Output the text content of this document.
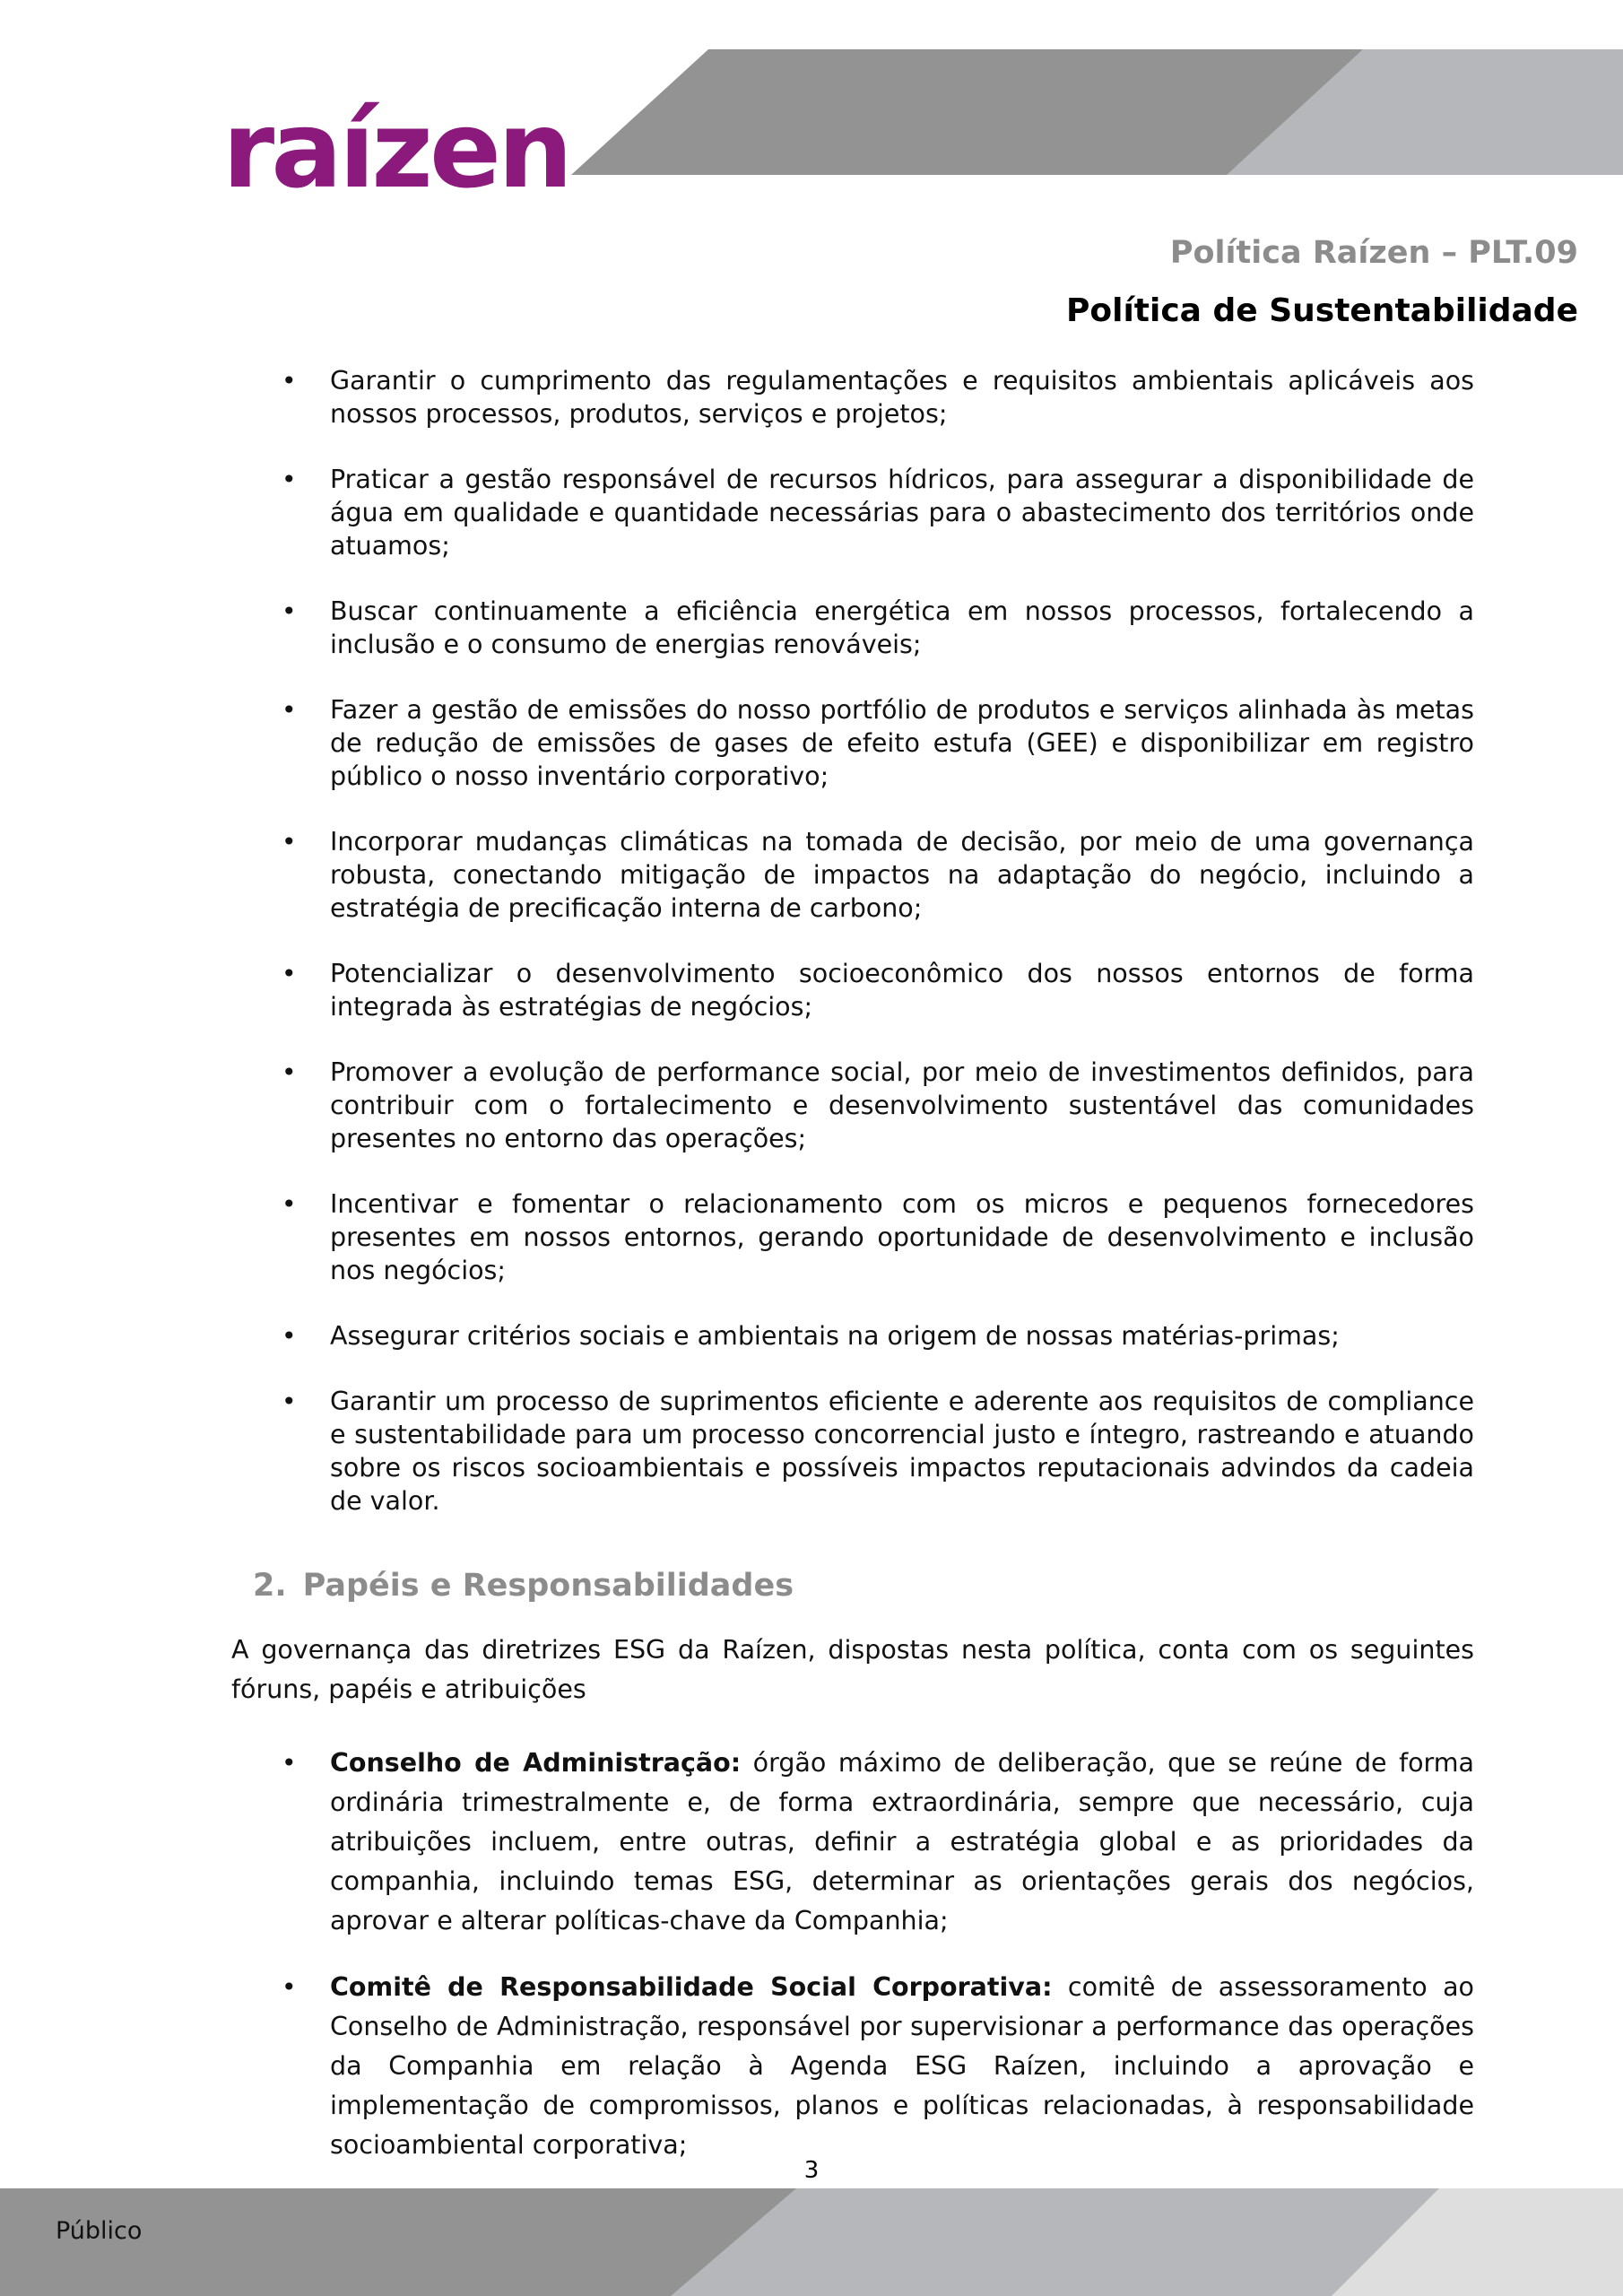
raízen
Política Raízen – PLT.09
Política de Sustentabilidade
• Garantir o cumprimento das regulamentações e requisitos ambientais aplicáveis aos nossos processos, produtos, serviços e projetos;
• Praticar a gestão responsável de recursos hídricos, para assegurar a disponibilidade de água em qualidade e quantidade necessárias para o abastecimento dos territórios onde atuamos;
• Buscar continuamente a eficiência energética em nossos processos, fortalecendo a inclusão e o consumo de energias renováveis;
• Fazer a gestão de emissões do nosso portfólio de produtos e serviços alinhada às metas de redução de emissões de gases de efeito estufa (GEE) e disponibilizar em registro público o nosso inventário corporativo;
• Incorporar mudanças climáticas na tomada de decisão, por meio de uma governança robusta, conectando mitigação de impactos na adaptação do negócio, incluindo a estratégia de precificação interna de carbono;
• Potencializar o desenvolvimento socioeconômico dos nossos entornos de forma integrada às estratégias de negócios;
• Promover a evolução de performance social, por meio de investimentos definidos, para contribuir com o fortalecimento e desenvolvimento sustentável das comunidades presentes no entorno das operações;
• Incentivar e fomentar o relacionamento com os micros e pequenos fornecedores presentes em nossos entornos, gerando oportunidade de desenvolvimento e inclusão nos negócios;
• Assegurar critérios sociais e ambientais na origem de nossas matérias-primas;
• Garantir um processo de suprimentos eficiente e aderente aos requisitos de compliance e sustentabilidade para um processo concorrencial justo e íntegro, rastreando e atuando sobre os riscos socioambientais e possíveis impactos reputacionais advindos da cadeia de valor.
2. Papéis e Responsabilidades

A governança das diretrizes ESG da Raízen, dispostas nesta política, conta com os seguintes fóruns, papéis e atribuições

• Conselho de Administração: órgão máximo de deliberação, que se reúne de forma ordinária trimestralmente e, de forma extraordinária, sempre que necessário, cuja atribuições incluem, entre outras, definir a estratégia global e as prioridades da companhia, incluindo temas ESG, determinar as orientações gerais dos negócios, aprovar e alterar políticas-chave da Companhia;
• Comitê de Responsabilidade Social Corporativa: comitê de assessoramento ao Conselho de Administração, responsável por supervisionar a performance das operações da Companhia em relação à Agenda ESG Raízen, incluindo a aprovação e implementação de compromissos, planos e políticas relacionadas, à responsabilidade socioambiental corporativa;
3
Público
